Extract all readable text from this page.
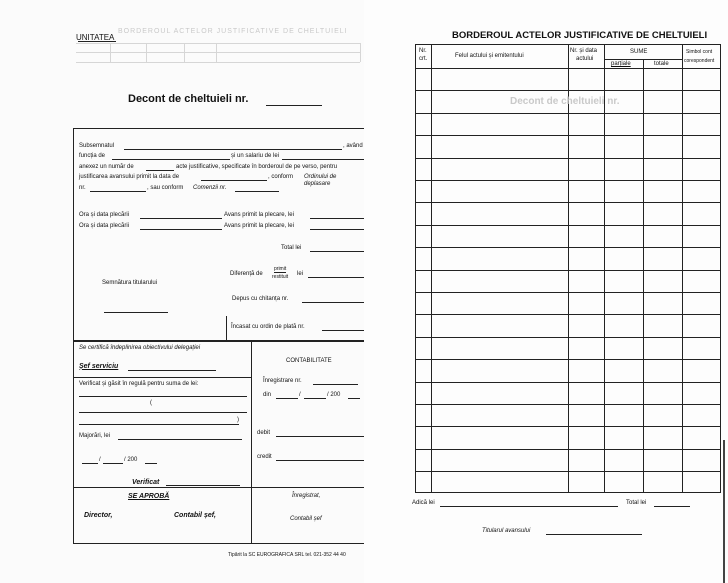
BORDEROUL ACTELOR JUSTIFICATIVE DE CHELTUIELI
UNITATEA
Decont de cheltuieli nr.
Subsemnatul	, având
funcția de	și un salariu de lei
anexez un număr de	acte justificative, specificate în borderoul de pe verso, pentru
justificarea avansului primit la data de	, conform Ordinului de deplasare
nr.	, sau conform Comenzii nr.
Ora și data plecării	Avans primit la plecare, lei
Ora și data plecării	Avans primit la plecare, lei
Total lei
Diferență de
primit
restituit lei
Semnătura titularului
Depus cu chitanța nr.
Încasat cu ordin de plată nr.
Se certifică îndeplinirea obiectivului delegației
Șef serviciu
CONTABILITATE
Verificat și găsit în regulă pentru suma de lei:
(
)
Înregistrare nr.
din	/	/ 200
Majorări, lei	debit
/	/ 200	credit
Verificat
SE APROBĂ
Director,	Contabil șef,
Înregistrat,
Contabil șef
Tipărit la SC EUROGRAFICA SRL tel. 021-352 44 40
BORDEROUL ACTELOR JUSTIFICATIVE DE CHELTUIELI
Nr.
crt.	Felul actului și emitentului
Nr. și data
actului
SUME
parțiale	totale
Simbol cont
corespondent
Decont de cheltuieli nr.
Adică lei	Total lei
Titularul avansului
